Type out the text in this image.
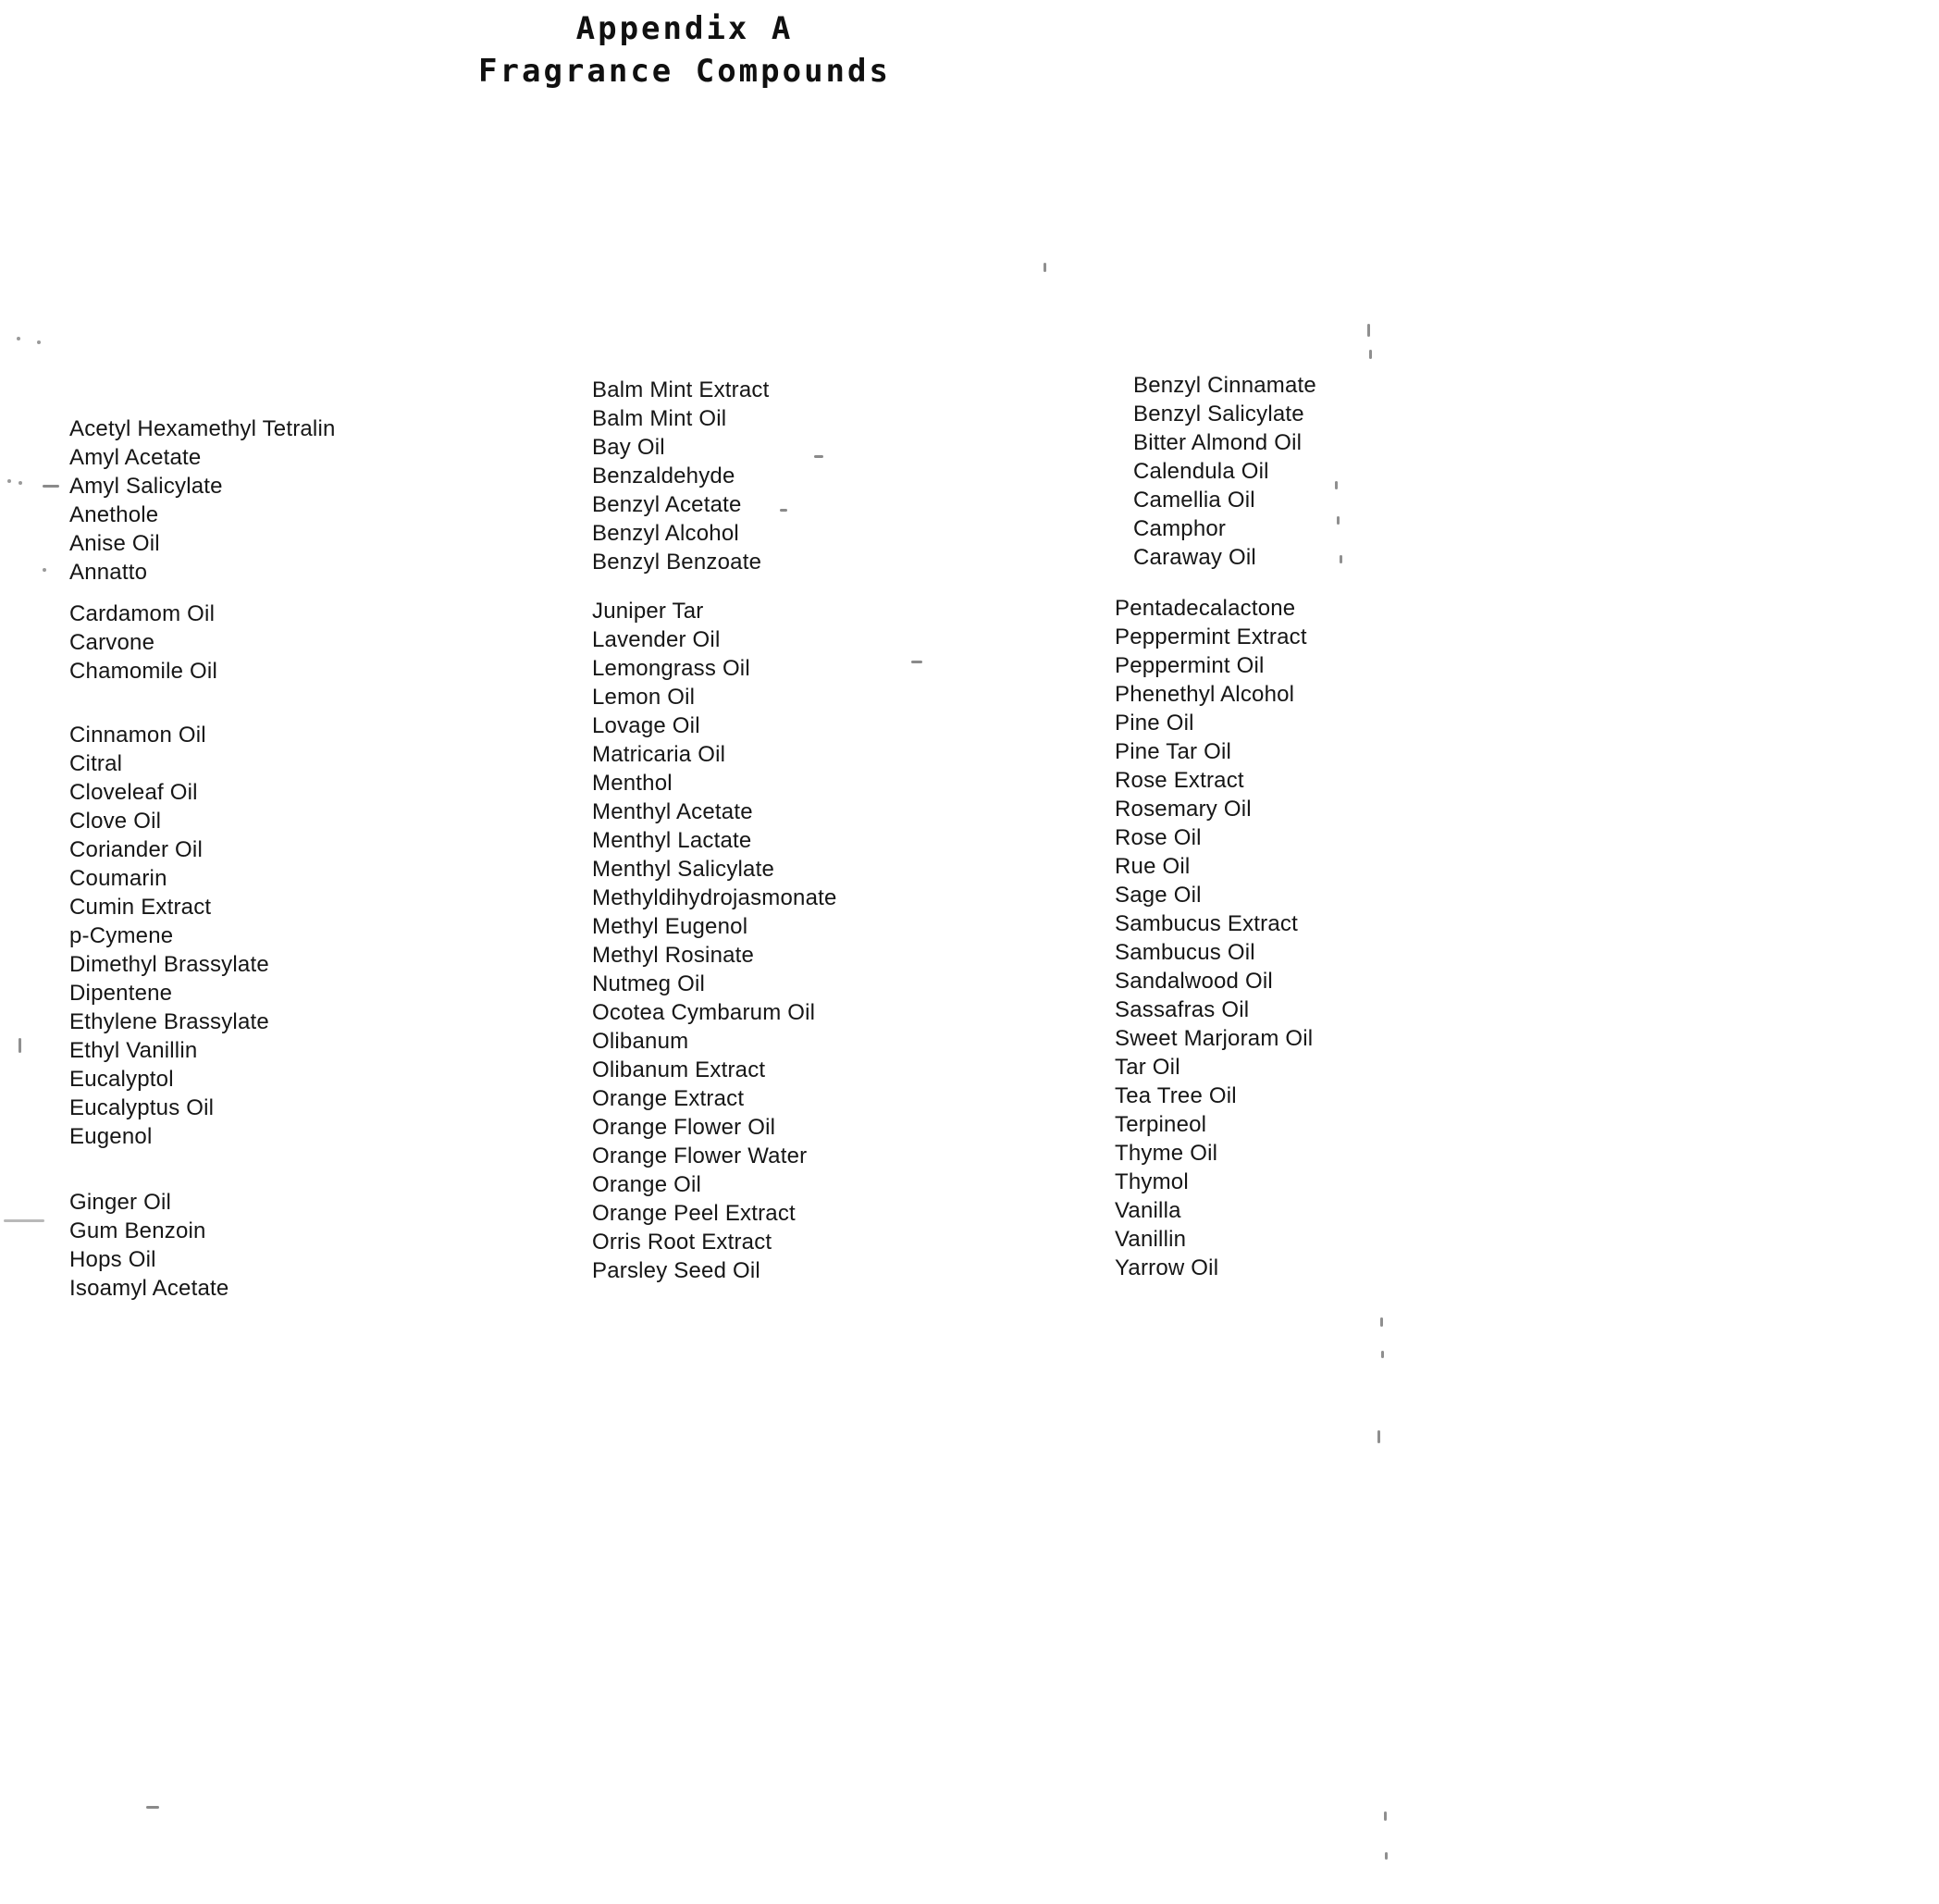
Appendix A
Fragrance Compounds
Acetyl Hexamethyl Tetralin
Amyl Acetate
Amyl Salicylate
Anethole
Anise Oil
Annatto
Cardamom Oil
Carvone
Chamomile Oil
Cinnamon Oil
Citral
Cloveleaf Oil
Clove Oil
Coriander Oil
Coumarin
Cumin Extract
p-Cymene
Dimethyl Brassylate
Dipentene
Ethylene Brassylate
Ethyl Vanillin
Eucalyptol
Eucalyptus Oil
Eugenol
Ginger Oil
Gum Benzoin
Hops Oil
Isoamyl Acetate
Balm Mint Extract
Balm Mint Oil
Bay Oil
Benzaldehyde
Benzyl Acetate
Benzyl Alcohol
Benzyl Benzoate
Juniper Tar
Lavender Oil
Lemongrass Oil
Lemon Oil
Lovage Oil
Matricaria Oil
Menthol
Menthyl Acetate
Menthyl Lactate
Menthyl Salicylate
Methyldihydrojasmonate
Methyl Eugenol
Methyl Rosinate
Nutmeg Oil
Ocotea Cymbarum Oil
Olibanum
Olibanum Extract
Orange Extract
Orange Flower Oil
Orange Flower Water
Orange Oil
Orange Peel Extract
Orris Root Extract
Parsley Seed Oil
Benzyl Cinnamate
Benzyl Salicylate
Bitter Almond Oil
Calendula Oil
Camellia Oil
Camphor
Caraway Oil
Pentadecalactone
Peppermint Extract
Peppermint Oil
Phenethyl Alcohol
Pine Oil
Pine Tar Oil
Rose Extract
Rosemary Oil
Rose Oil
Rue Oil
Sage Oil
Sambucus Extract
Sambucus Oil
Sandalwood Oil
Sassafras Oil
Sweet Marjoram Oil
Tar Oil
Tea Tree Oil
Terpineol
Thyme Oil
Thymol
Vanilla
Vanillin
Yarrow Oil
